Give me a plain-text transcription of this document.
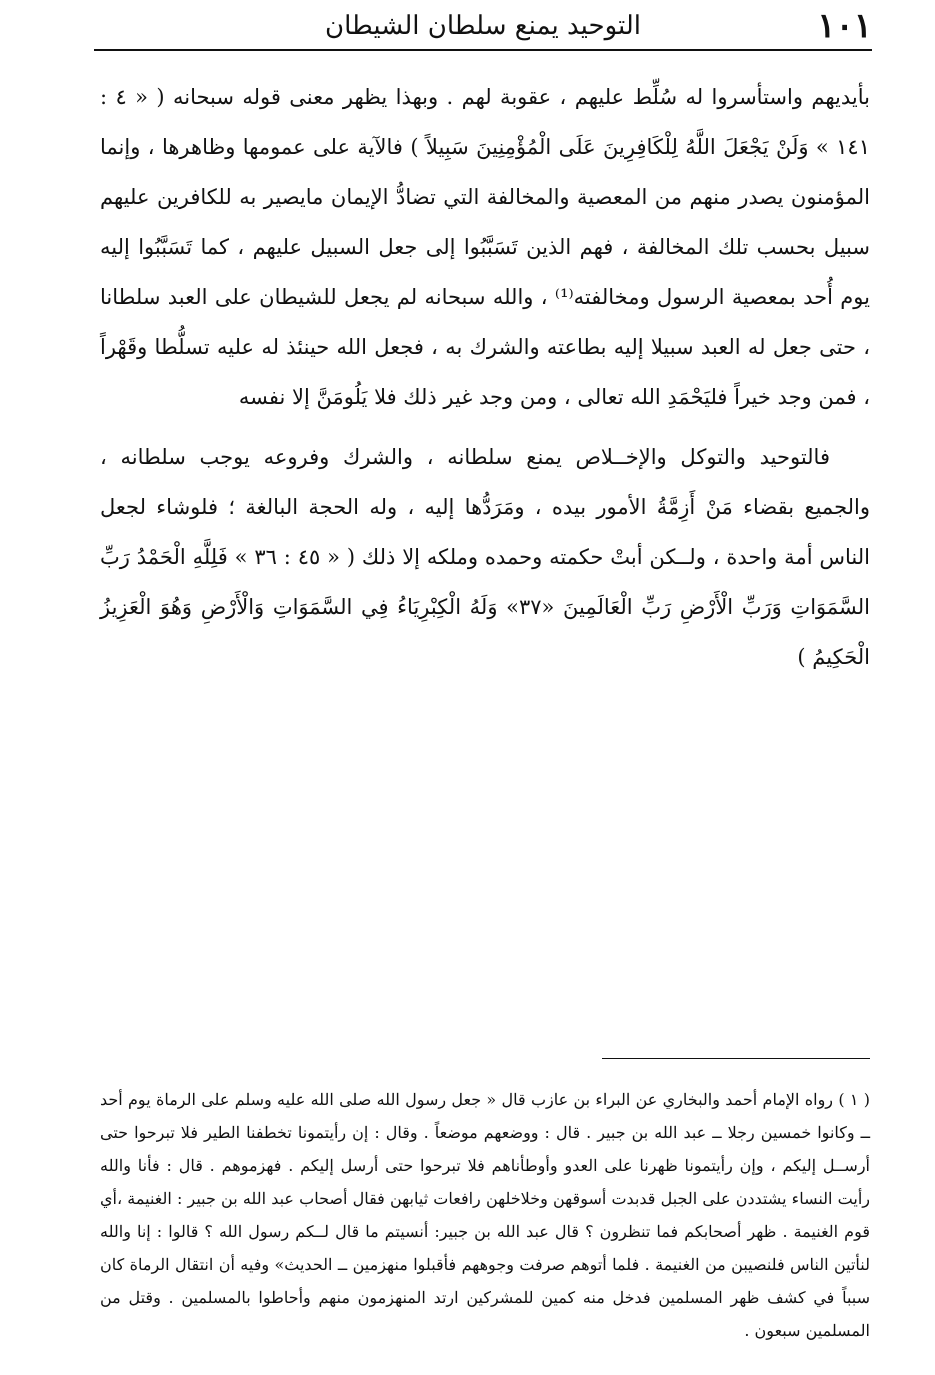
١٠١
التوحيد يمنع سلطان الشيطان

بأيديهم واستأسروا له سُلِّط عليهم ، عقوبة لهم . وبهذا يظهر معنى قوله سبحانه ( « ٤ : ١٤١ » وَلَنْ يَجْعَلَ اللَّهُ لِلْكَافِرِينَ عَلَى الْمُؤْمِنِينَ سَبِيلاً ) فالآية على عمومها وظاهرها ، وإنما المؤمنون يصدر منهم من المعصية والمخالفة التي تضادُّ الإيمان مايصير به للكافرين عليهم سبيل بحسب تلك المخالفة ، فهم الذين تَسَبَّبُوا إلى جعل السبيل عليهم ، كما تَسَبَّبُوا إليه يوم أُحد بمعصية الرسول ومخالفته⁽¹⁾ ، والله سبحانه لم يجعل للشيطان على العبد سلطانا ، حتى جعل له العبد سبيلا إليه بطاعته والشرك به ، فجعل الله حينئذ له عليه تسلُّطا وقَهْراً ، فمن وجد خيراً فليَحْمَدِ الله تعالى ، ومن وجد غير ذلك فلا يَلُومَنَّ إلا نفسه

فالتوحيد والتوكل والإخــلاص يمنع سلطانه ، والشرك وفروعه يوجب سلطانه ، والجميع بقضاء مَنْ أَزِمَّةُ الأمور بيده ، ومَرَدُّها إليه ، وله الحجة البالغة ؛ فلوشاء لجعل الناس أمة واحدة ، ولــكن أبتْ حكمته وحمده وملكه إلا ذلك ( « ٤٥ : ٣٦ » فَلِلَّهِ الْحَمْدُ رَبِّ السَّمَوَاتِ وَرَبِّ الْأَرْضِ رَبِّ الْعَالَمِينَ «٣٧» وَلَهُ الْكِبْرِيَاءُ فِي السَّمَوَاتِ وَالْأَرْضِ وَهُوَ الْعَزِيزُ الْحَكِيمُ )

( ١ ) رواه الإمام أحمد والبخاري عن البراء بن عازب قال « جعل رسول الله صلى الله عليه وسلم على الرماة يوم أحد ــ وكانوا خمسين رجلا ــ عبد الله بن جبير . قال : ووضعهم موضعاً . وقال : إن رأيتمونا تخطفنا الطير فلا تبرحوا حتى أرســل إليكم ، وإن رأيتمونا ظهرنا على العدو وأوطأناهم فلا تبرحوا حتى أرسل إليكم . فهزموهم . قال : فأنا والله رأيت النساء يشتددن على الجبل قدبدت أسوقهن وخلاخلهن رافعات ثيابهن فقال أصحاب عبد الله بن جبير : الغنيمة ،أي قوم الغنيمة . ظهر أصحابكم فما تنظرون ؟ قال عبد الله بن جبير: أنسيتم ما قال لــكم رسول الله ؟ قالوا : إنا والله لنأتين الناس فلنصيبن من الغنيمة . فلما أتوهم صرفت وجوههم فأقبلوا منهزمين ــ الحديث» وفيه أن انتقال الرماة كان سبباً في كشف ظهر المسلمين فدخل منه كمين للمشركين ارتد المنهزمون منهم وأحاطوا بالمسلمين . وقتل من المسلمين سبعون .
